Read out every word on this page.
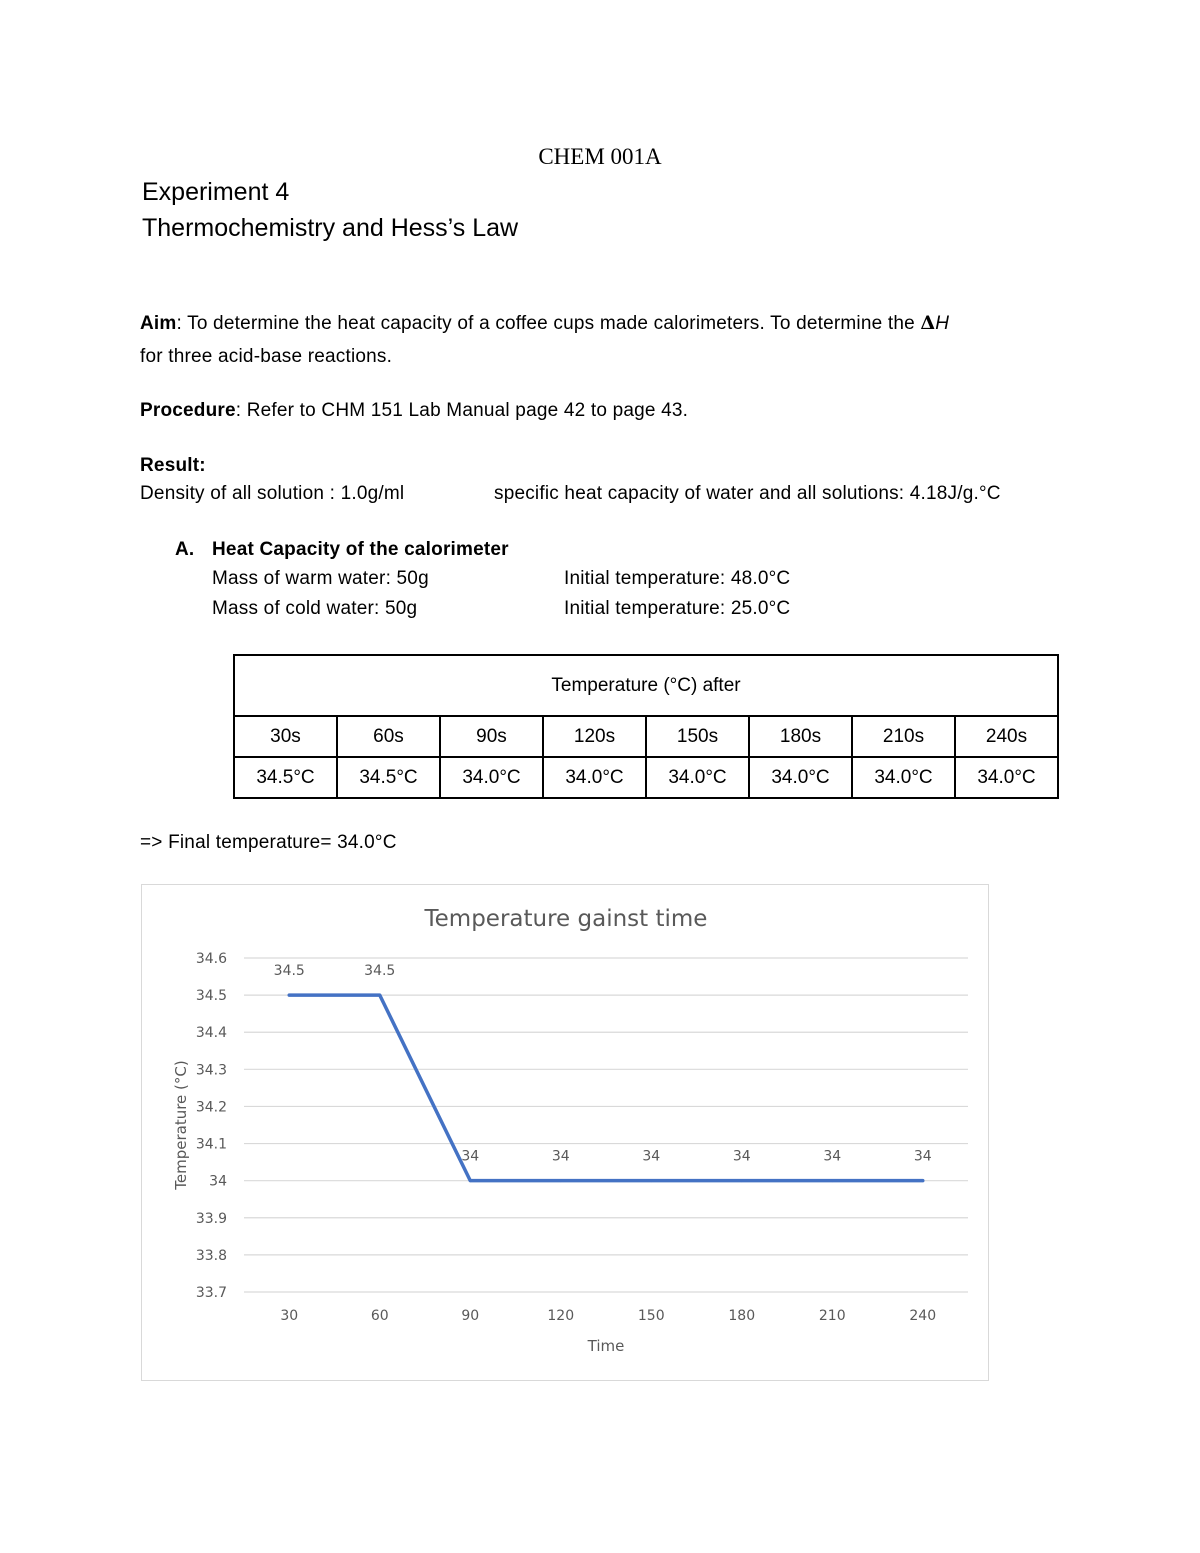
CHEM 001A
Experiment 4
Thermochemistry and Hess’s Law
Aim: To determine the heat capacity of a coffee cups made calorimeters. To determine the ΔH
for three acid-base reactions.
Procedure: Refer to CHM 151 Lab Manual page 42 to page 43.
Result:
Density of all solution : 1.0g/ml	specific heat capacity of water and all solutions: 4.18J/g.°C
A. Heat Capacity of the calorimeter
Mass of warm water: 50g	Initial temperature: 48.0°C
Mass of cold water: 50g	Initial temperature: 25.0°C
Temperature (°C) after							
30s	60s	90s	120s	150s	180s	210s	240s
34.5°C	34.5°C	34.0°C	34.0°C	34.0°C	34.0°C	34.0°C	34.0°C
=> Final temperature= 34.0°C
Temperature gainst time
33.7
33.8
33.9
34
34.1
34.2
34.3
34.4
34.5
34.6
30	60	90	120	150	180	210	240
Time
Temperature (°C)
34.5	34.5
34	34	34	34	34	34
